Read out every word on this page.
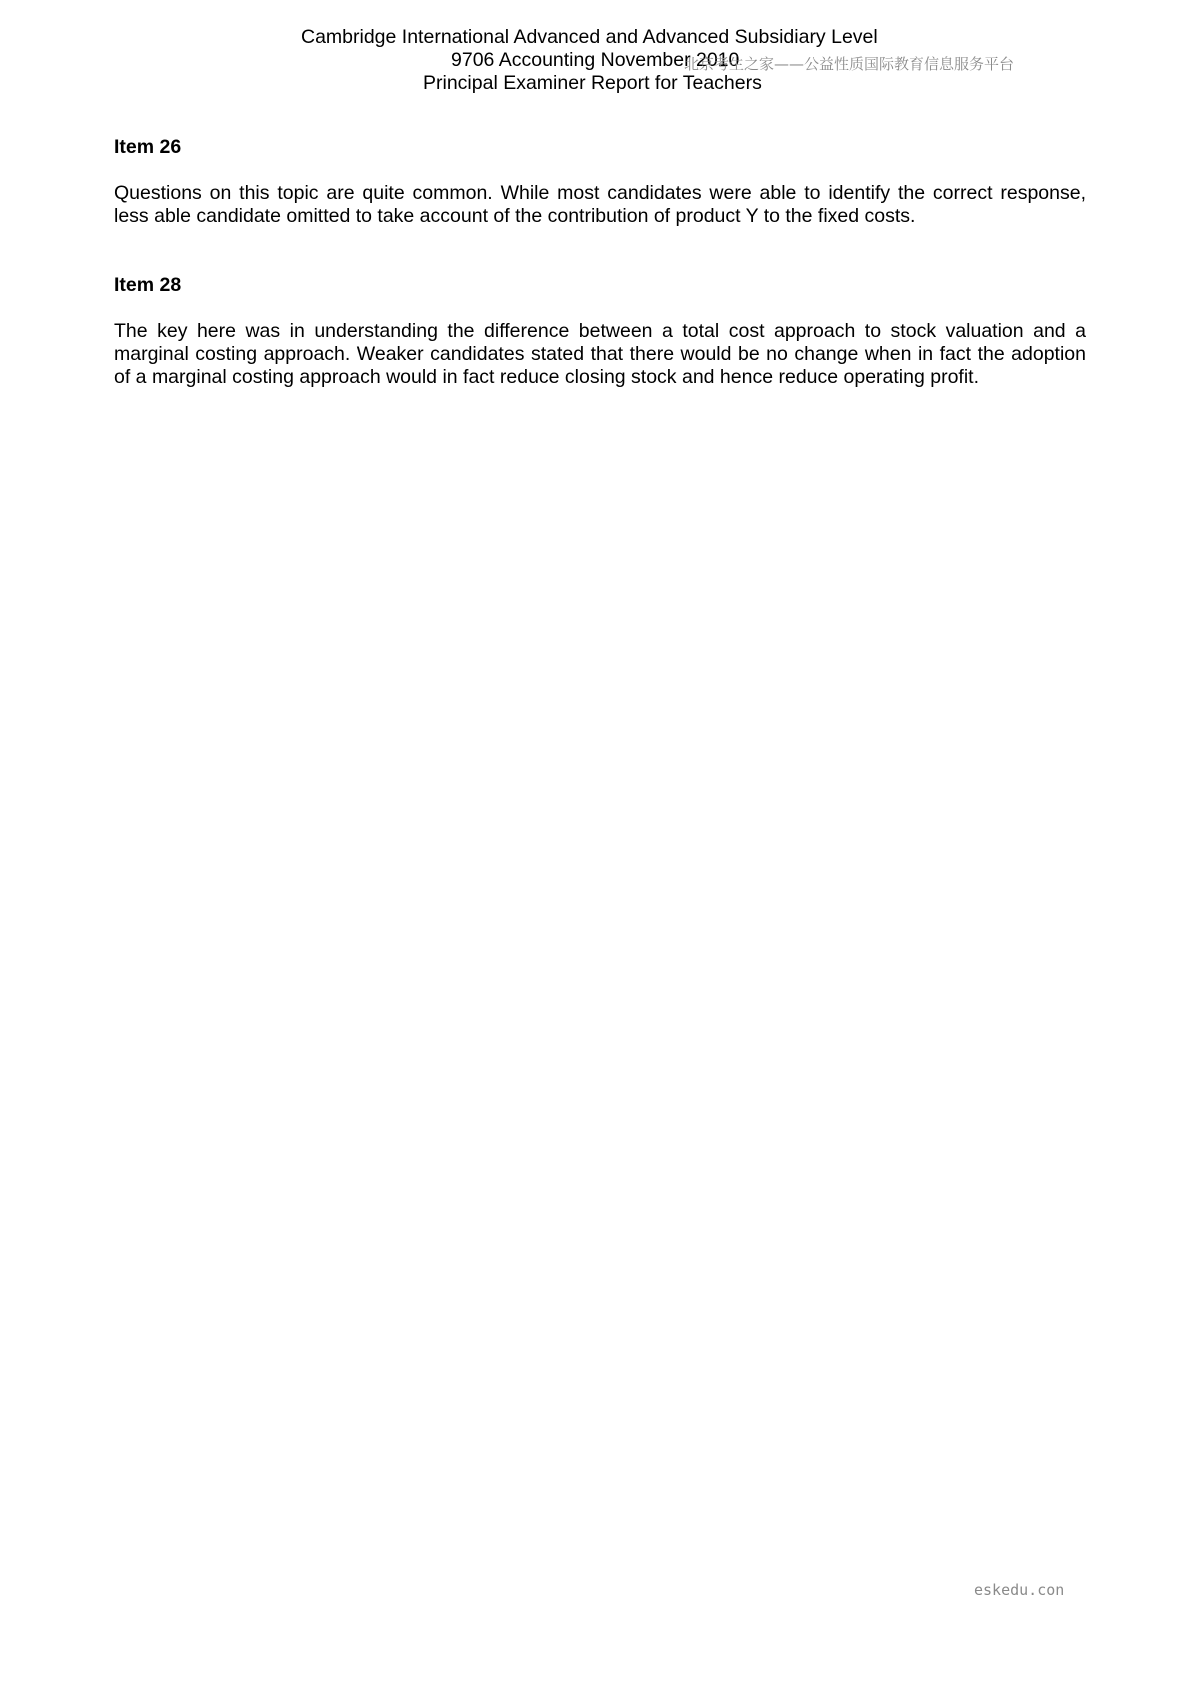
Cambridge International Advanced and Advanced Subsidiary Level
9706 Accounting November 2010
Principal Examiner Report for Teachers
北京考生之家——公益性质国际教育信息服务平台
Item 26

Questions on this topic are quite common. While most candidates were able to identify the correct response, less able candidate omitted to take account of the contribution of product Y to the fixed costs.

Item 28

The key here was in understanding the difference between a total cost approach to stock valuation and a marginal costing approach. Weaker candidates stated that there would be no change when in fact the adoption of a marginal costing approach would in fact reduce closing stock and hence reduce operating profit.

eskedu.con
